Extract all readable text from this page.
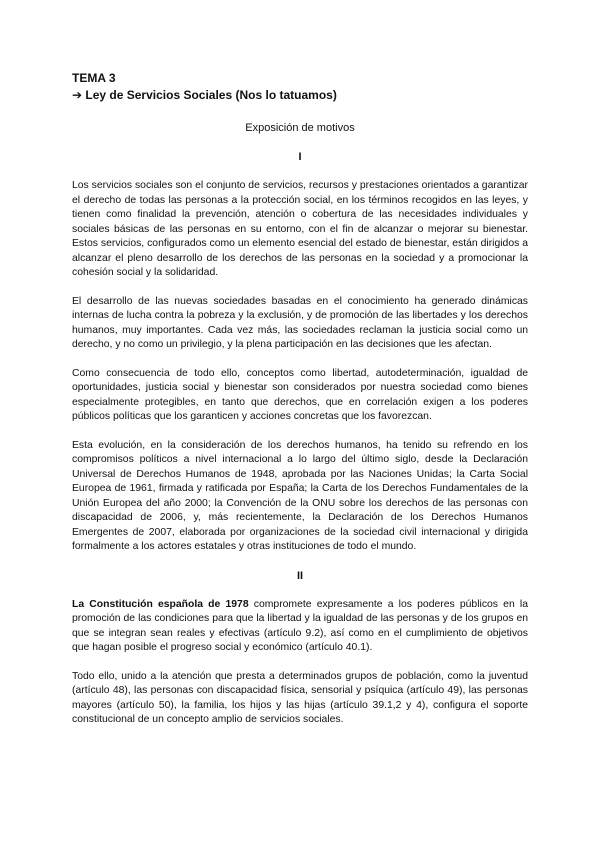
TEMA 3

➔ Ley de Servicios Sociales (Nos lo tatuamos)

Exposición de motivos

I

Los servicios sociales son el conjunto de servicios, recursos y prestaciones orientados a garantizar el derecho de todas las personas a la protección social, en los términos recogidos en las leyes, y tienen como finalidad la prevención, atención o cobertura de las necesidades individuales y sociales básicas de las personas en su entorno, con el fin de alcanzar o mejorar su bienestar. Estos servicios, configurados como un elemento esencial del estado de bienestar, están dirigidos a alcanzar el pleno desarrollo de los derechos de las personas en la sociedad y a promocionar la cohesión social y la solidaridad.

El desarrollo de las nuevas sociedades basadas en el conocimiento ha generado dinámicas internas de lucha contra la pobreza y la exclusión, y de promoción de las libertades y los derechos humanos, muy importantes. Cada vez más, las sociedades reclaman la justicia social como un derecho, y no como un privilegio, y la plena participación en las decisiones que les afectan.

Como consecuencia de todo ello, conceptos como libertad, autodeterminación, igualdad de oportunidades, justicia social y bienestar son considerados por nuestra sociedad como bienes especialmente protegibles, en tanto que derechos, que en correlación exigen a los poderes públicos políticas que los garanticen y acciones concretas que los favorezcan.

Esta evolución, en la consideración de los derechos humanos, ha tenido su refrendo en los compromisos políticos a nivel internacional a lo largo del último siglo, desde la Declaración Universal de Derechos Humanos de 1948, aprobada por las Naciones Unidas; la Carta Social Europea de 1961, firmada y ratificada por España; la Carta de los Derechos Fundamentales de la Unión Europea del año 2000; la Convención de la ONU sobre los derechos de las personas con discapacidad de 2006, y, más recientemente, la Declaración de los Derechos Humanos Emergentes de 2007, elaborada por organizaciones de la sociedad civil internacional y dirigida formalmente a los actores estatales y otras instituciones de todo el mundo.

II

La Constitución española de 1978 compromete expresamente a los poderes públicos en la promoción de las condiciones para que la libertad y la igualdad de las personas y de los grupos en que se integran sean reales y efectivas (artículo 9.2), así como en el cumplimiento de objetivos que hagan posible el progreso social y económico (artículo 40.1).

Todo ello, unido a la atención que presta a determinados grupos de población, como la juventud (artículo 48), las personas con discapacidad física, sensorial y psíquica (artículo 49), las personas mayores (artículo 50), la familia, los hijos y las hijas (artículo 39.1,2 y 4), configura el soporte constitucional de un concepto amplio de servicios sociales.
